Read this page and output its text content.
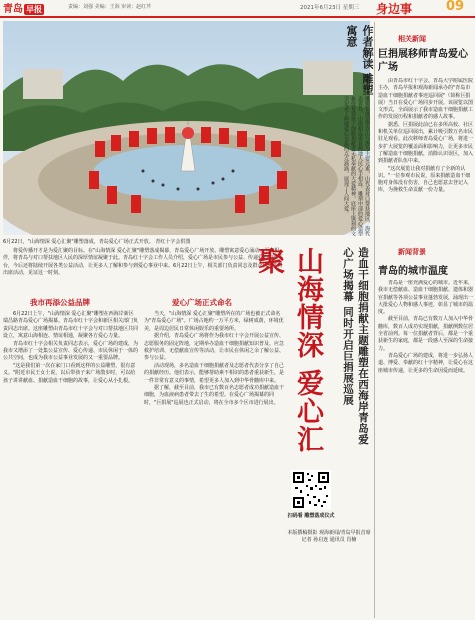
青岛 早报	责编：刘强 美编：王海 审读：赵红芹	2021年6月23日 星期三 身边事	09
6月22日，"山海情深 爱心汇聚"雕塑落成，青岛爱心广场正式开放。 青红十字会供图
将爱传播开才是为爱汇聚的目标。在"山海情深 爱心汇聚"雕塑落成揭幕，青岛爱心广场开放。雕塑寓意爱心涌动、平安相伴，将青岛与对口帮扶地区人民的深厚情谊凝聚于此。青岛红十字会工作人员介绍，爱心广场是市民参与公益、传递爱心的新平台，今后还将陆续开展各类公益活动，让更多人了解和参与到爱心事业中来。6月22日上午，相关部门负责同志及群众代表共同出席活动，见证这一时刻。
我市再添公益品牌

6月22日上午，"山海情深 爱心汇聚"雕塑在西海岸新区瑞昌路青岛爱心广场揭幕。青岛市红十字会和新区相关部门负责同志出席。这座雕塑由青岛市红十字会与对口帮扶地区共同设立，寓意山海相连、情谊相通，凝聚各方爱心力量。

青岛市红十字会相关负责同志表示，爱心广场的建成，为我市又增添了一处集公益宣传、爱心传递、市民休闲于一体的公共空间，也成为我市公益事业发展的又一重要品牌。

"这是我们第一次在家门口看到这样的公益雕塑，很有意义。"附近市民王女士说，以后带孩子来广场散步时，可以给孩子讲讲献血、捐献造血干细胞的故事，让爱心从小扎根。

爱心广场正式命名

当天，"山海情深 爱心汇聚"雕塑所在的广场也被正式命名为"青岛爱心广场"。广场占地约一万平方米，绿树成荫，环境优美，是周边居民日常休闲娱乐的重要场所。

据介绍，青岛爱心广场将作为我市红十字会开展公益宣传、志愿服务的固定阵地，定期举办造血干细胞捐献知识普及、应急救护培训、无偿献血宣传等活动，让市民在休闲之余了解公益、参与公益。

活动现场，多名造血干细胞捐献者及志愿者代表分享了自己的捐献经历。他们表示，能够帮助素不相识的患者重获新生，是一件非常有意义的事情，希望更多人加入到中华骨髓库中来。

据了解，截至目前，我市已有数百名志愿者成功捐献造血干细胞，为血液病患者带去了生的希望。在爱心广场揭幕的同时，"巨捐展"巡展也正式启动，将在全市多个区市进行展出。 山海情深 爱心汇聚	造血干细胞捐献主题雕塑在西海岸青岛爱心广场揭幕 同时开启巨捐展巡展
作者解读 雕塑寓意
雕塑整体造型以山与海为主要元素，山代表对口帮扶地区，海代表青岛，山海相连寓意两地人民心手相连。雕塑中部的爱心造型象征着造血干细胞捐献者无私奉献的大爱精神，底座上镌刻的文字记录了两地爱心交流的点点滴滴，展现了人间大爱。
扫码看 雕塑落成仪式
本版撰稿摄影 观海新闻/青岛早报首席记者 孙启连 通讯员 肖楠
相关新闻
巨捐展移师青岛爱心广场

由青岛市红十字会、青岛大学附属医院主办，青岛早报和观海新闻承办的"青岛市造血干细胞捐献者事迹巡回展"（简称巨捐展）当日在爱心广场同步开展。该展览以图文形式，全面展示了我市造血干细胞捐献工作的发展历程和捐献者的感人故事。

据悉，巨捐展此前已在多所高校、社区和机关单位巡回展出，累计吸引数万名市民驻足观看。此次移师青岛爱心广场，将进一步扩大展览的覆盖面和影响力，让更多市民了解造血干细胞捐献，消除认识误区，加入到捐献者队伍中来。

"这次展览让我对捐献有了全新的认识。"一位参观市民说，原来捐献造血干细胞对身体没有伤害，自己也愿意去登记入库，为挽救生命贡献一份力量。

新闻背景
青岛的城市温度

青岛是一座充满爱心的城市。近年来，我市无偿献血、造血干细胞捐献、遗体和器官捐献等各项公益事业蓬勃发展，涌现出一大批爱心人物和感人事迹，彰显了城市的温度。

截至目前，青岛已有数万人加入中华骨髓库，数百人成功实现捐献，捐献例数位居全省前列。每一位捐献者背后，都是一个重获新生的家庭，都是一段感人至深的生命接力。

青岛爱心广场的建成，将进一步弘扬人道、博爱、奉献的红十字精神，让爱心在这座城市传递，让更多的生命因爱而延续。
